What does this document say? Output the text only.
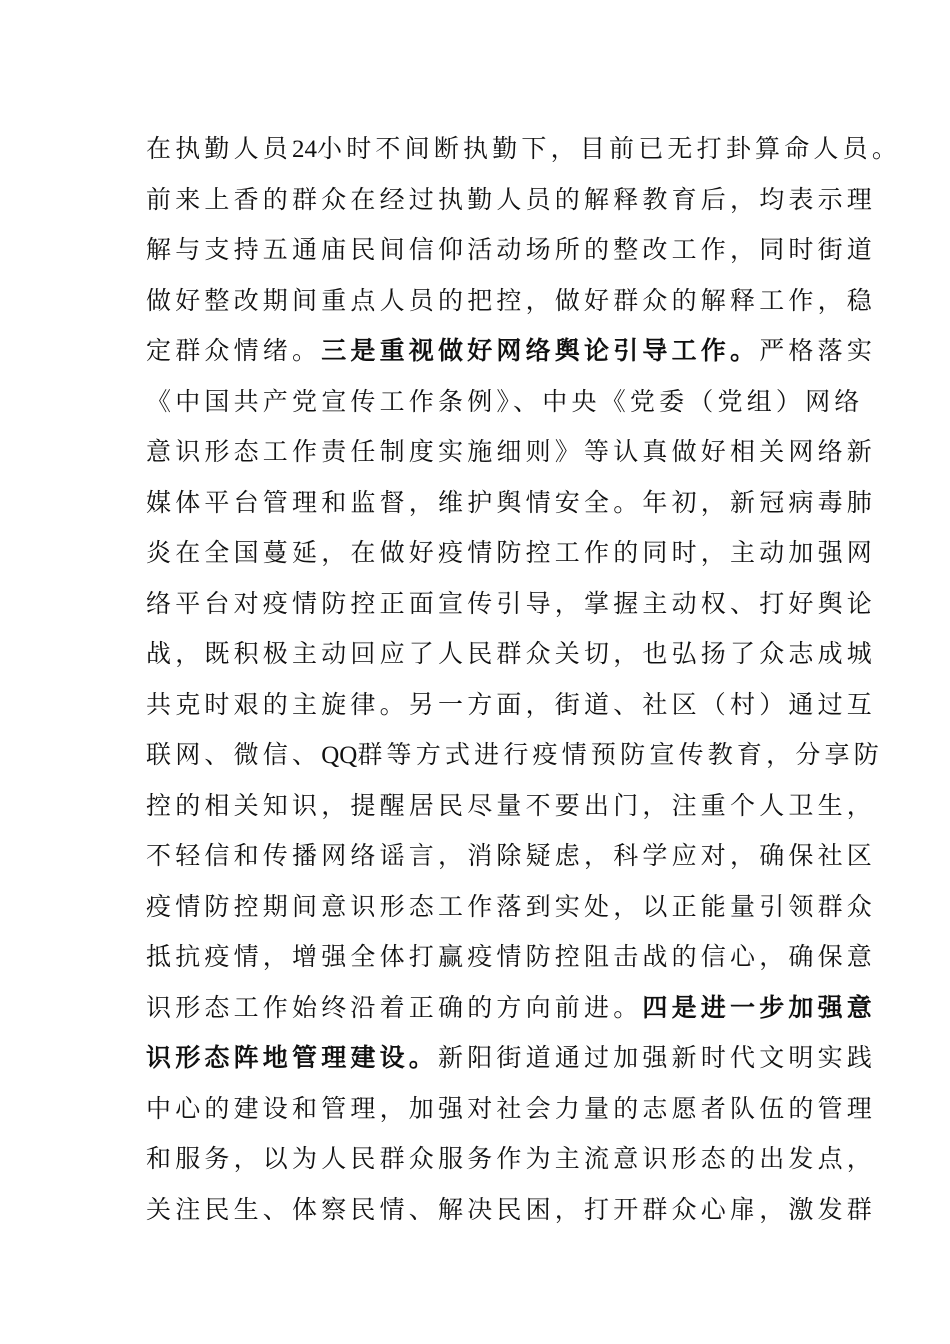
在执勤人员24小时不间断执勤下，目前已无打卦算命人员。
前来上香的群众在经过执勤人员的解释教育后，均表示理
解与支持五通庙民间信仰活动场所的整改工作，同时街道
做好整改期间重点人员的把控，做好群众的解释工作，稳
定群众情绪。三是重视做好网络舆论引导工作。严格落实
《中国共产党宣传工作条例》、中央《党委（党组）网络
意识形态工作责任制度实施细则》等认真做好相关网络新
媒体平台管理和监督，维护舆情安全。年初，新冠病毒肺
炎在全国蔓延，在做好疫情防控工作的同时，主动加强网
络平台对疫情防控正面宣传引导，掌握主动权、打好舆论
战，既积极主动回应了人民群众关切，也弘扬了众志成城
共克时艰的主旋律。另一方面，街道、社区（村）通过互
联网、微信、QQ群等方式进行疫情预防宣传教育，分享防
控的相关知识，提醒居民尽量不要出门，注重个人卫生，
不轻信和传播网络谣言，消除疑虑，科学应对，确保社区
疫情防控期间意识形态工作落到实处，以正能量引领群众
抵抗疫情，增强全体打赢疫情防控阻击战的信心，确保意
识形态工作始终沿着正确的方向前进。四是进一步加强意
识形态阵地管理建设。新阳街道通过加强新时代文明实践
中心的建设和管理，加强对社会力量的志愿者队伍的管理
和服务，以为人民群众服务作为主流意识形态的出发点，
关注民生、体察民情、解决民困，打开群众心扉，激发群
